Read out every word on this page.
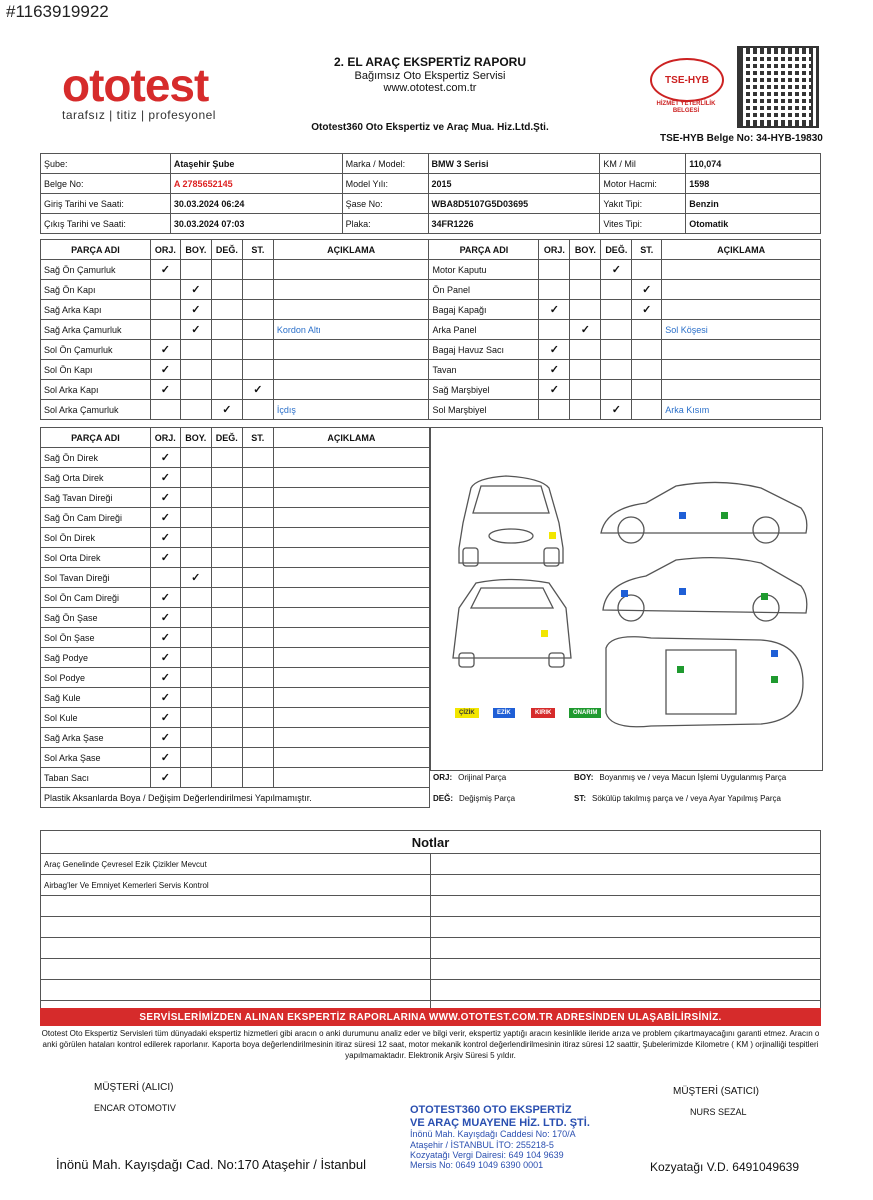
#1163919922
ototest
tarafsız | titiz | profesyonel
2. EL ARAÇ EKSPERTİZ RAPORU
Bağımsız Oto Ekspertiz Servisi
www.ototest.com.tr
Ototest360 Oto Ekspertiz ve Araç Mua. Hiz.Ltd.Şti.
TSE-HYB
HİZMET YETERLİLİK BELGESİ
TSE-HYB Belge No: 34-HYB-19830
Şube:	Ataşehir Şube	Marka / Model:	BMW 3 Serisi	KM / Mil	110,074
Belge No:	A 2785652145	Model Yılı:	2015	Motor Hacmi:	1598
Giriş Tarihi ve Saati:	30.03.2024 06:24	Şase No:	WBA8D5107G5D03695	Yakıt Tipi:	Benzin
Çıkış Tarihi ve Saati:	30.03.2024 07:03	Plaka:	34FR1226	Vites Tipi:	Otomatik
PARÇA ADI	ORJ.	BOY.	DEĞ.	ST.	AÇIKLAMA	PARÇA ADI	ORJ.	BOY.	DEĞ.	ST.	AÇIKLAMA
Sağ Ön Çamurluk	✓					Motor Kaputu			✓		
Sağ Ön Kapı		✓				Ön Panel				✓	
Sağ Arka Kapı		✓				Bagaj Kapağı	✓			✓	
Sağ Arka Çamurluk		✓			Kordon Altı	Arka Panel		✓			Sol Köşesi
Sol Ön Çamurluk	✓					Bagaj Havuz Sacı	✓				
Sol Ön Kapı	✓					Tavan	✓				
Sol Arka Kapı	✓			✓		Sağ Marşbiyel	✓				
Sol Arka Çamurluk			✓		İçdış	Sol Marşbiyel			✓		Arka Kısım
PARÇA ADI	ORJ.	BOY.	DEĞ.	ST.	AÇIKLAMA
Sağ Ön Direk	✓				
Sağ Orta Direk	✓				
Sağ Tavan Direği	✓				
Sağ Ön Cam Direği	✓				
Sol Ön Direk	✓				
Sol Orta Direk	✓				
Sol Tavan Direği		✓			
Sol Ön Cam Direği	✓				
Sağ Ön Şase	✓				
Sol Ön Şase	✓				
Sağ Podye	✓				
Sol Podye	✓				
Sağ Kule	✓				
Sol Kule	✓				
Sağ Arka Şase	✓				
Sol Arka Şase	✓				
Taban Sacı	✓				
Plastik Aksanlarda Boya / Değişim Değerlendirilmesi Yapılmamıştır.					
ÇİZİK	EZİK	KIRIK	ONARIM
ORJ: Orijinal Parça	BOY: Boyanmış ve / veya Macun İşlemi Uygulanmış Parça
DEĞ: Değişmiş Parça	ST: Sökülüp takılmış parça ve / veya Ayar Yapılmış Parça
Notlar	
Araç Genelinde Çevresel Ezik Çizikler Mevcut	
Airbag'ler Ve Emniyet Kemerleri Servis Kontrol	

SERVİSLERİMİZDEN ALINAN EKSPERTİZ RAPORLARINA WWW.OTOTEST.COM.TR ADRESİNDEN ULAŞABİLİRSİNİZ.
Ototest Oto Ekspertiz Servisleri tüm dünyadaki ekspertiz hizmetleri gibi aracın o anki durumunu analiz eder ve bilgi verir, ekspertiz yaptığı aracın kesinlikle ileride arıza ve problem çıkartmayacağını garanti etmez. Aracın o anki görülen hataları kontrol edilerek raporlanır. Kaporta boya değerlendirilmesinin itiraz süresi 12 saat, motor mekanik kontrol değerlendirilmesinin itiraz süresi 12 saattir, Şubelerimizde Kilometre ( KM ) orjinalliği tespitleri yapılmamaktadır. Elektronik Arşiv Süresi 5 yıldır.
MÜŞTERİ (ALICI)
ENCAR OTOMOTIV
MÜŞTERİ (SATICI)
NURS SEZAL
OTOTEST360 OTO EKSPERTİZ
VE ARAÇ MUAYENE HİZ. LTD. ŞTİ.
İnönü Mah. Kayışdağı Caddesi No: 170/A
Ataşehir / İSTANBUL İTO: 255218-5
Kozyatağı Vergi Dairesi: 649 104 9639
Mersis No: 0649 1049 6390 0001
İnönü Mah. Kayışdağı Cad. No:170 Ataşehir / İstanbul	Kozyatağı V.D. 6491049639
